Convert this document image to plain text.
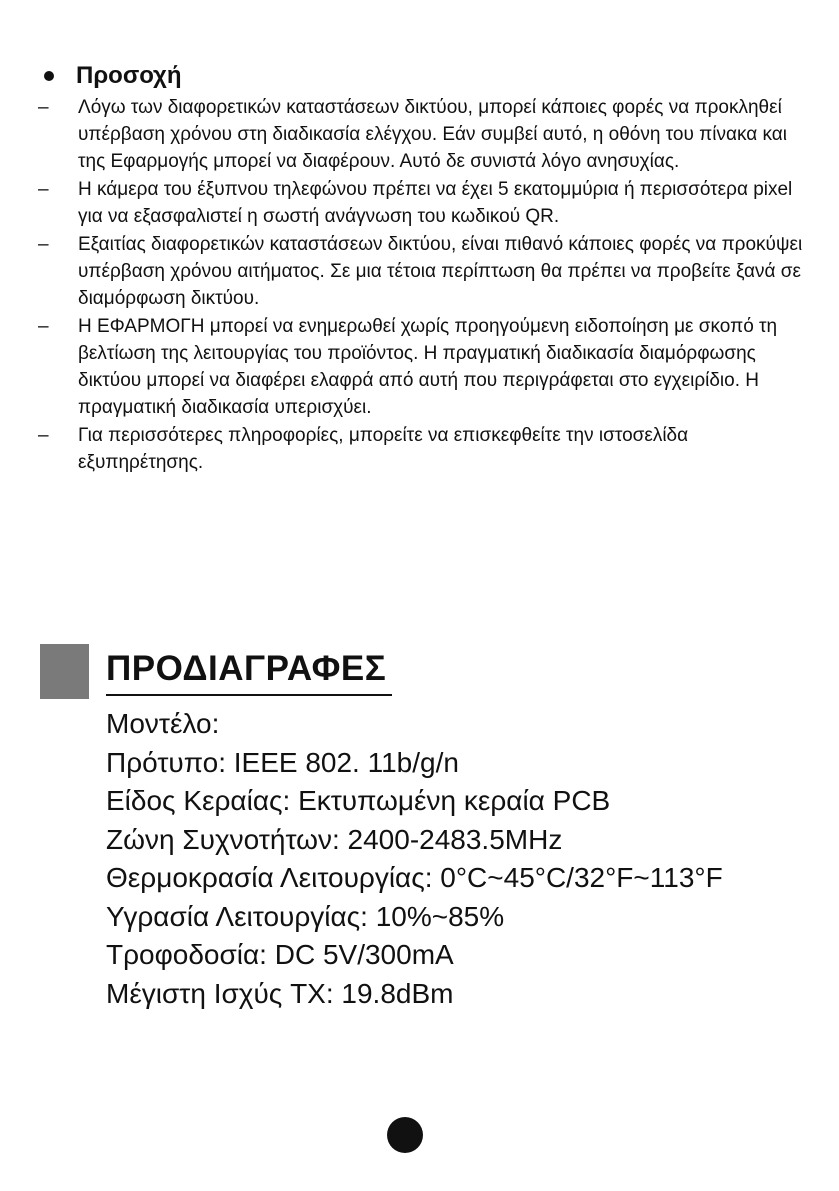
Προσοχή
–	Λόγω των διαφορετικών καταστάσεων δικτύου, μπορεί κάποιες φορές να προκληθεί υπέρβαση χρόνου στη διαδικασία ελέγχου. Εάν συμβεί αυτό, η οθόνη του πίνακα και της Εφαρμογής μπορεί να διαφέρουν. Αυτό δε συνιστά λόγο ανησυχίας.
–	Η κάμερα του έξυπνου τηλεφώνου πρέπει να έχει 5 εκατομμύρια ή περισσότερα pixel για να εξασφαλιστεί η σωστή ανάγνωση του κωδικού QR.
–	Εξαιτίας διαφορετικών καταστάσεων δικτύου, είναι πιθανό κάποιες φορές να προκύψει υπέρβαση χρόνου αιτήματος. Σε μια τέτοια περίπτωση θα πρέπει να προβείτε ξανά σε διαμόρφωση δικτύου.
–	Η ΕΦΑΡΜΟΓΗ μπορεί να ενημερωθεί χωρίς προηγούμενη ειδοποίηση με σκοπό τη βελτίωση της λειτουργίας του προϊόντος. Η πραγματική διαδικασία διαμόρφωσης δικτύου μπορεί να διαφέρει ελαφρά από αυτή που περιγράφεται στο εγχειρίδιο. Η πραγματική διαδικασία υπερισχύει.
–	Για περισσότερες πληροφορίες, μπορείτε να επισκεφθείτε την ιστοσελίδα εξυπηρέτησης.
ΠΡΟΔΙΑΓΡΑΦΕΣ
Μοντέλο:
Πρότυπο: IEEE 802. 11b/g/n
Είδος Κεραίας: Εκτυπωμένη κεραία PCB
Ζώνη Συχνοτήτων: 2400-2483.5MHz
Θερμοκρασία Λειτουργίας: 0°C~45°C/32°F~113°F
Υγρασία Λειτουργίας: 10%~85%
Τροφοδοσία: DC 5V/300mA
Μέγιστη Ισχύς TX: 19.8dBm
